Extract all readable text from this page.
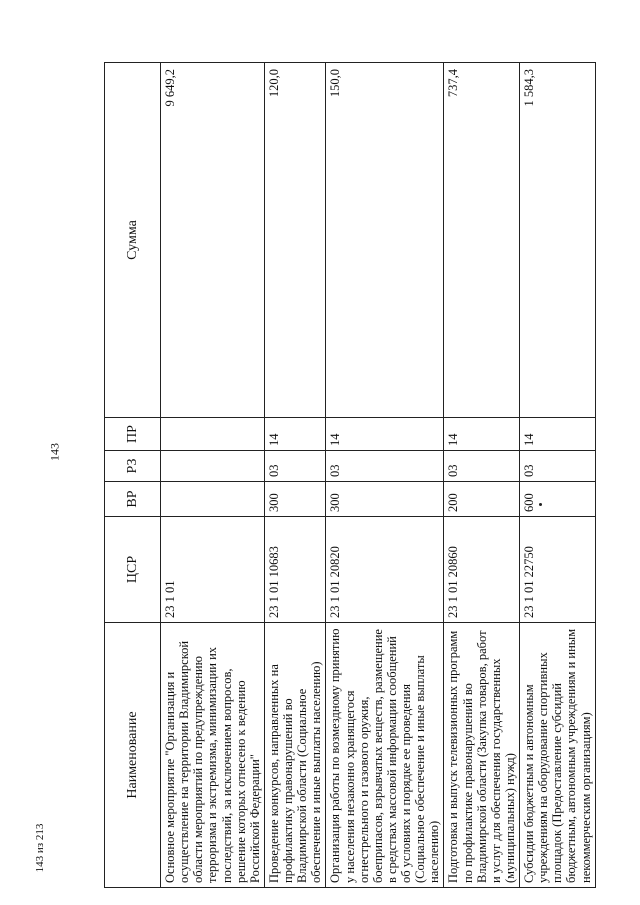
143
Наименование	ЦСР	ВР	РЗ	ПР	Сумма
Основное мероприятие "Организация и осуществление на территории Владимирской области мероприятий по предупреждению терроризма и экстремизма, минимизации их последствий, за исключением вопросов, решение которых отнесено к ведению Российской Федерации"	23 1 01				9 649,2
Проведение конкурсов, направленных на профилактику правонарушений во Владимирской области (Социальное обеспечение и иные выплаты населению)	23 1 01 10683	300	03	14	120,0
Организация работы по возмездному принятию у населения незаконно хранящегося огнестрельного и газового оружия, боеприпасов, взрывчатых веществ, размещение в средствах массовой информации сообщений об условиях и порядке ее проведения (Социальное обеспечение и иные выплаты населению)	23 1 01 20820	300	03	14	150,0
Подготовка и выпуск телевизионных программ по профилактике правонарушений во Владимирской области (Закупка товаров, работ и услуг для обеспечения государственных (муниципальных) нужд)	23 1 01 20860	200	03	14	737,4
Субсидии бюджетным и автономным учреждениям на оборудование спортивных площадок (Предоставление субсидий бюджетным, автономным учреждениям и иным некоммерческим организациям)	23 1 01 22750	600	03	14	1 584,3
143 из 213
